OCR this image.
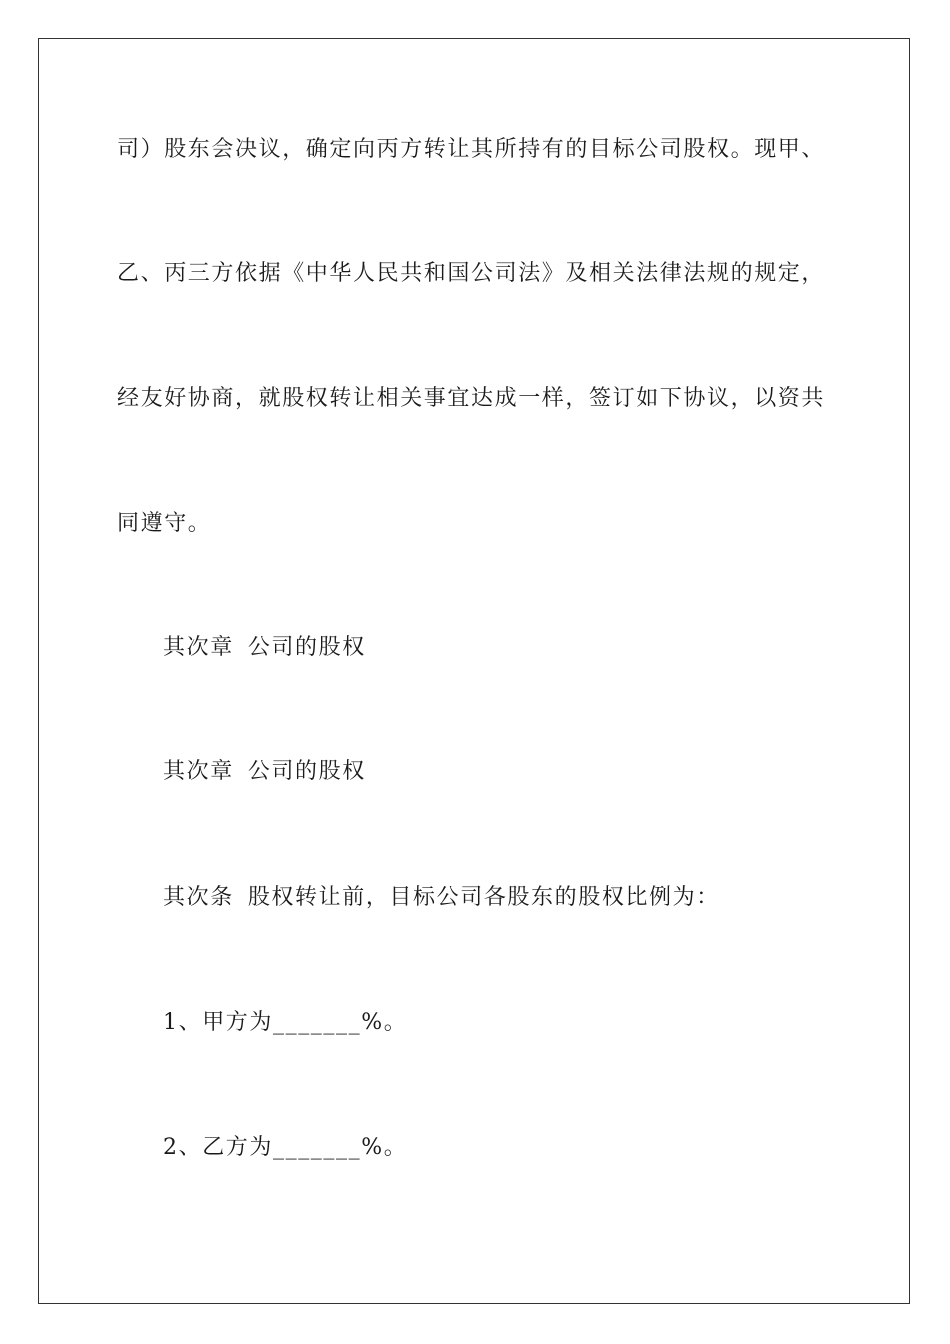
司）股东会决议，确定向丙方转让其所持有的目标公司股权。现甲、
乙、丙三方依据《中华人民共和国公司法》及相关法律法规的规定，
经友好协商，就股权转让相关事宜达成一样，签订如下协议，以资共
同遵守。
其次章 公司的股权
其次章 公司的股权
其次条 股权转让前，目标公司各股东的股权比例为：
1、甲方为_______%。
2、乙方为_______%。
